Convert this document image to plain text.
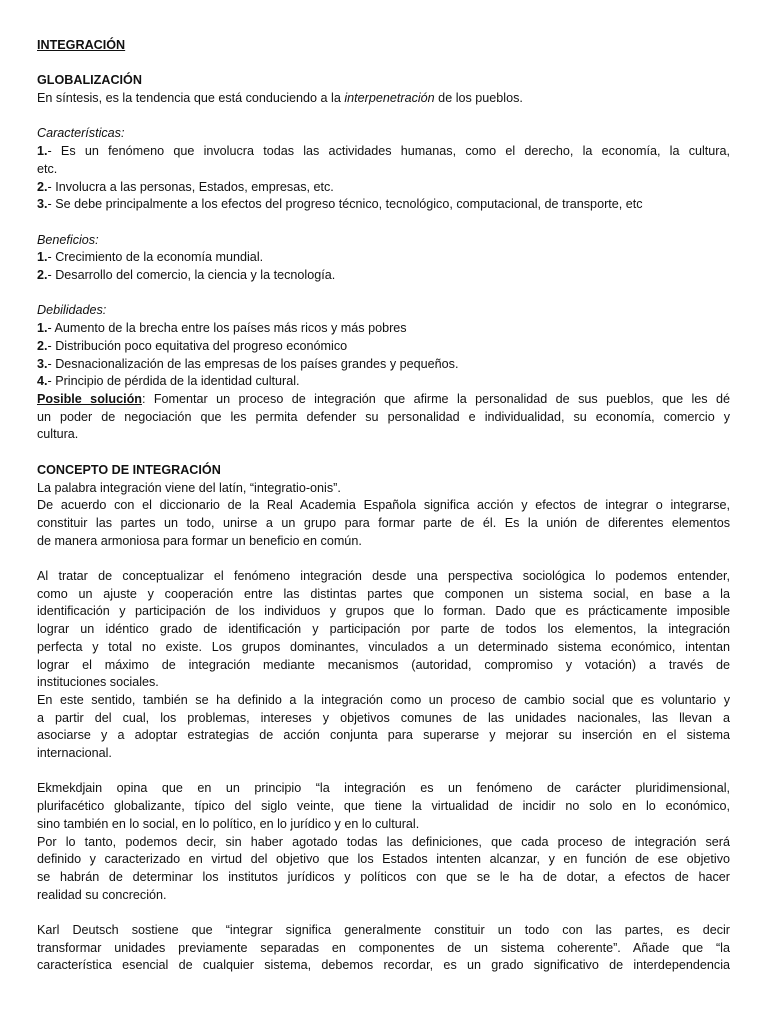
INTEGRACIÓN
GLOBALIZACIÓN
En síntesis, es la tendencia que está conduciendo a la interpenetración de los pueblos.
Características:
1.- Es un fenómeno que involucra todas las actividades humanas, como el derecho, la economía, la cultura,
etc.
2.- Involucra a las personas, Estados, empresas, etc.
3.- Se debe principalmente a los efectos del progreso técnico, tecnológico, computacional, de transporte, etc
Beneficios:
1.- Crecimiento de la economía mundial.
2.- Desarrollo del comercio, la ciencia y la tecnología.
Debilidades:
1.- Aumento de la brecha entre los países más ricos y más pobres
2.- Distribución poco equitativa del progreso económico
3.- Desnacionalización de las empresas de los países grandes y pequeños.
4.- Principio de pérdida de la identidad cultural.
Posible solución: Fomentar un proceso de integración que afirme la personalidad de sus pueblos, que les dé
un poder de negociación que les permita defender su personalidad e individualidad, su economía, comercio y
cultura.
CONCEPTO DE INTEGRACIÓN
La palabra integración viene del latín, “integratio-onis”.
De acuerdo con el diccionario de la Real Academia Española significa acción y efectos de integrar o integrarse,
constituir las partes un todo, unirse a un grupo para formar parte de él. Es la unión de diferentes elementos
de manera armoniosa para formar un beneficio en común.
Al tratar de conceptualizar el fenómeno integración desde una perspectiva sociológica lo podemos entender,
como un ajuste y cooperación entre las distintas partes que componen un sistema social, en base a la
identificación y participación de los individuos y grupos que lo forman. Dado que es prácticamente imposible
lograr un idéntico grado de identificación y participación por parte de todos los elementos, la integración
perfecta y total no existe. Los grupos dominantes, vinculados a un determinado sistema económico, intentan
lograr el máximo de integración mediante mecanismos (autoridad, compromiso y votación) a través de
instituciones sociales.
En este sentido, también se ha definido a la integración como un proceso de cambio social que es voluntario y
a partir del cual, los problemas, intereses y objetivos comunes de las unidades nacionales, las llevan a
asociarse y a adoptar estrategias de acción conjunta para superarse y mejorar su inserción en el sistema
internacional.
Ekmekdjain opina que en un principio “la integración es un fenómeno de carácter pluridimensional,
plurifacético globalizante, típico del siglo veinte, que tiene la virtualidad de incidir no solo en lo económico,
sino también en lo social, en lo político, en lo jurídico y en lo cultural.
Por lo tanto, podemos decir, sin haber agotado todas las definiciones, que cada proceso de integración será
definido y caracterizado en virtud del objetivo que los Estados intenten alcanzar, y en función de ese objetivo
se habrán de determinar los institutos jurídicos y políticos con que se le ha de dotar, a efectos de hacer
realidad su concreción.
Karl Deutsch sostiene que “integrar significa generalmente constituir un todo con las partes, es decir
transformar unidades previamente separadas en componentes de un sistema coherente”. Añade que “la
característica esencial de cualquier sistema, debemos recordar, es un grado significativo de interdependencia
